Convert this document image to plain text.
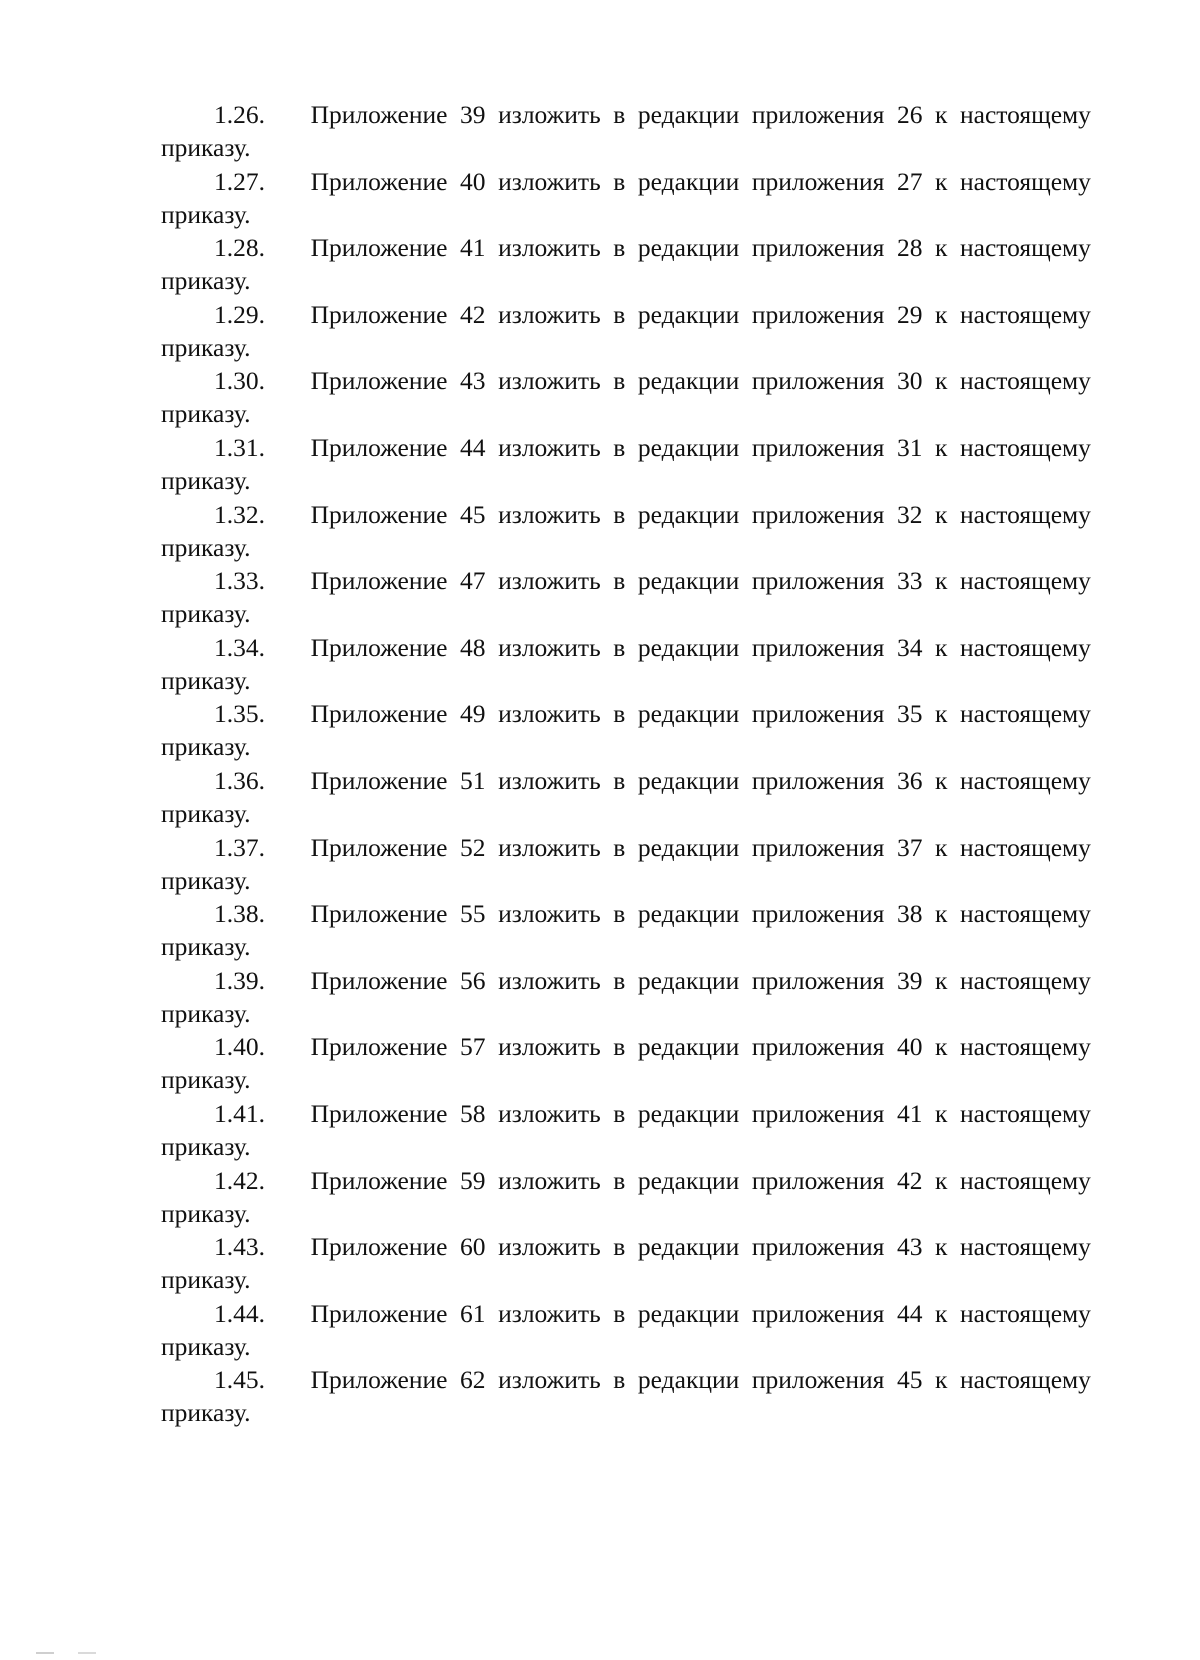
1.26.	Приложение 39 изложить в редакции приложения 26 к настоящему
приказу.
1.27.	Приложение 40 изложить в редакции приложения 27 к настоящему
приказу.
1.28.	Приложение 41 изложить в редакции приложения 28 к настоящему
приказу.
1.29.	Приложение 42 изложить в редакции приложения 29 к настоящему
приказу.
1.30.	Приложение 43 изложить в редакции приложения 30 к настоящему
приказу.
1.31.	Приложение 44 изложить в редакции приложения 31 к настоящему
приказу.
1.32.	Приложение 45 изложить в редакции приложения 32 к настоящему
приказу.
1.33.	Приложение 47 изложить в редакции приложения 33 к настоящему
приказу.
1.34.	Приложение 48 изложить в редакции приложения 34 к настоящему
приказу.
1.35.	Приложение 49 изложить в редакции приложения 35 к настоящему
приказу.
1.36.	Приложение 51 изложить в редакции приложения 36 к настоящему
приказу.
1.37.	Приложение 52 изложить в редакции приложения 37 к настоящему
приказу.
1.38.	Приложение 55 изложить в редакции приложения 38 к настоящему
приказу.
1.39.	Приложение 56 изложить в редакции приложения 39 к настоящему
приказу.
1.40.	Приложение 57 изложить в редакции приложения 40 к настоящему
приказу.
1.41.	Приложение 58 изложить в редакции приложения 41 к настоящему
приказу.
1.42.	Приложение 59 изложить в редакции приложения 42 к настоящему
приказу.
1.43.	Приложение 60 изложить в редакции приложения 43 к настоящему
приказу.
1.44.	Приложение 61 изложить в редакции приложения 44 к настоящему
приказу.
1.45.	Приложение 62 изложить в редакции приложения 45 к настоящему
приказу.
